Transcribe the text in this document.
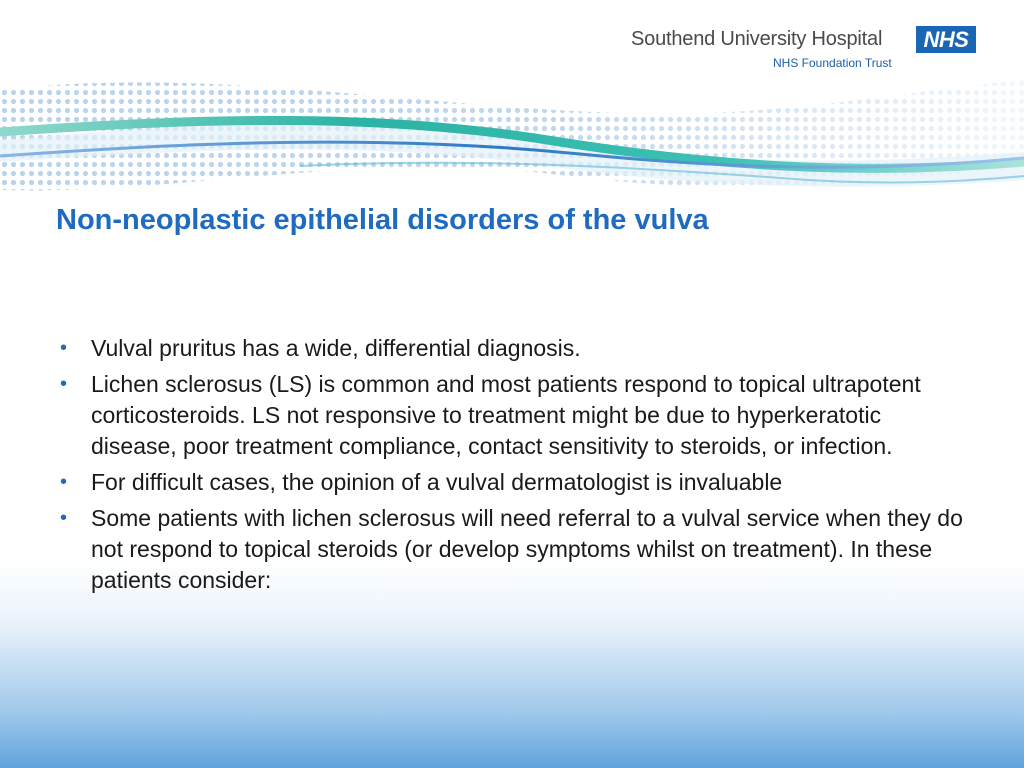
Southend University Hospital
NHS Foundation Trust
NHS
Non-neoplastic epithelial disorders of the vulva
• Vulval pruritus has a wide, differential diagnosis.
• Lichen sclerosus (LS) is common and most patients respond to topical ultrapotent corticosteroids. LS not responsive to treatment might be due to hyperkeratotic disease, poor treatment compliance, contact sensitivity to steroids, or infection.
• For difficult cases, the opinion of a vulval dermatologist is invaluable
• Some patients with lichen sclerosus will need referral to a vulval service when they do not respond to topical steroids (or develop symptoms whilst on treatment). In these patients consider:
